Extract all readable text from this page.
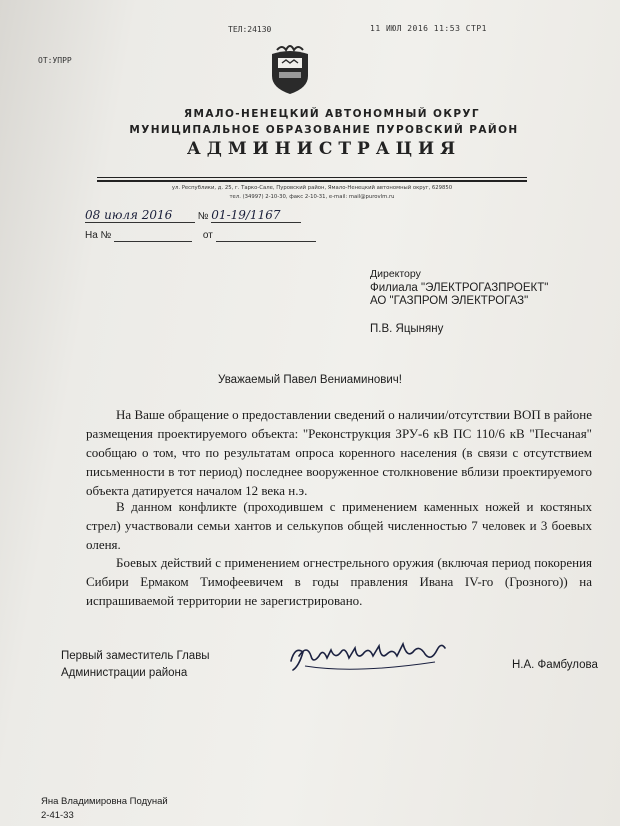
ТЕЛ:24130	11 ИЮЛ 2016 11:53 СТР1
ОТ:УПРР
ЯМАЛО-НЕНЕЦКИЙ АВТОНОМНЫЙ ОКРУГ
МУНИЦИПАЛЬНОЕ ОБРАЗОВАНИЕ ПУРОВСКИЙ РАЙОН
АДМИНИСТРАЦИЯ
ул. Республики, д. 25, г. Тарко-Сале, Пуровский район, Ямало-Ненецкий автономный округ, 629850
тел. (34997) 2-10-30, факс 2-10-31, e-mail: mail@purovlm.ru
08 июля 2016	№ 01-19/1167
На №	от
Директору
Филиала "ЭЛЕКТРОГАЗПРОЕКТ"
АО "ГАЗПРОМ ЭЛЕКТРОГАЗ"
П.В. Яцыняну
Уважаемый Павел Вениаминович!

На Ваше обращение о предоставлении сведений о наличии/отсутствии ВОП в районе размещения проектируемого объекта: "Реконструкция ЗРУ-6 кВ ПС 110/6 кВ "Песчаная" сообщаю о том, что по результатам опроса коренного населения (в связи с отсутствием письменности в тот период) последнее вооруженное столкновение вблизи проектируемого объекта датируется началом 12 века н.э.

В данном конфликте (проходившем с применением каменных ножей и костяных стрел) участвовали семьи хантов и селькупов общей численностью 7 человек и 3 боевых оленя.

Боевых действий с применением огнестрельного оружия (включая период покорения Сибири Ермаком Тимофеевичем в годы правления Ивана IV-го (Грозного)) на испрашиваемой территории не зарегистрировано.

Первый заместитель Главы
Администрации района
Н.А. Фамбулова
Яна Владимировна Подунай
2-41-33
